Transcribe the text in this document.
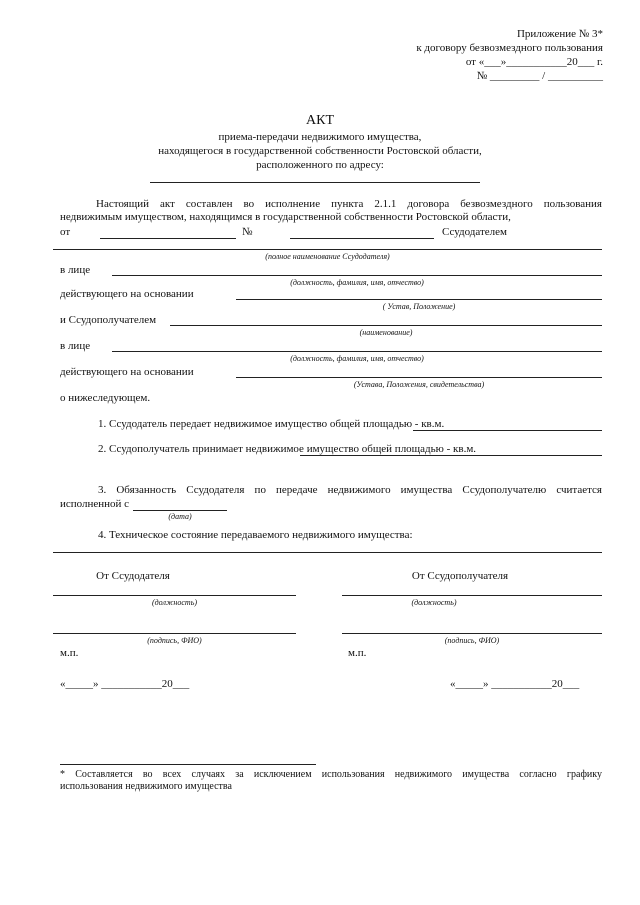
Приложение № 3*
к договору безвозмездного пользования
от «___»___________20___ г.
№ _________ / __________
АКТ
приема-передачи недвижимого имущества,
находящегося в государственной собственности Ростовской области,
расположенного по адресу:
Настоящий акт составлен во исполнение пункта 2.1.1 договора безвозмездного пользования
недвижимым имуществом, находящимся в государственной собственности Ростовской области,
от	№	Ссудодателем
(полное наименование Ссудодателя)
в лице
(должность, фамилия, имя, отчество)
действующего на основании
( Устав, Положение)
и Ссудополучателем
(наименование)
в лице
(должность, фамилия, имя, отчество)
действующего на основании
(Устава, Положения, свидетельства)
о нижеследующем.
1. Ссудодатель передает недвижимое имущество общей площадью - кв.м.
2. Ссудополучатель принимает недвижимое имущество общей площадью - кв.м.
3. Обязанность Ссудодателя по передаче недвижимого имущества Ссудополучателю считается
исполненной с
(дата)
4. Техническое состояние передаваемого недвижимого имущества:
От Ссудодателя	От Ссудополучателя
(должность)	(должность)
(подпись, ФИО)	(подпись, ФИО)
м.п.	м.п.
«_____» ___________20___	«_____» ___________20___
* Составляется во всех случаях за исключением использования недвижимого имущества согласно графику
использования недвижимого имущества
